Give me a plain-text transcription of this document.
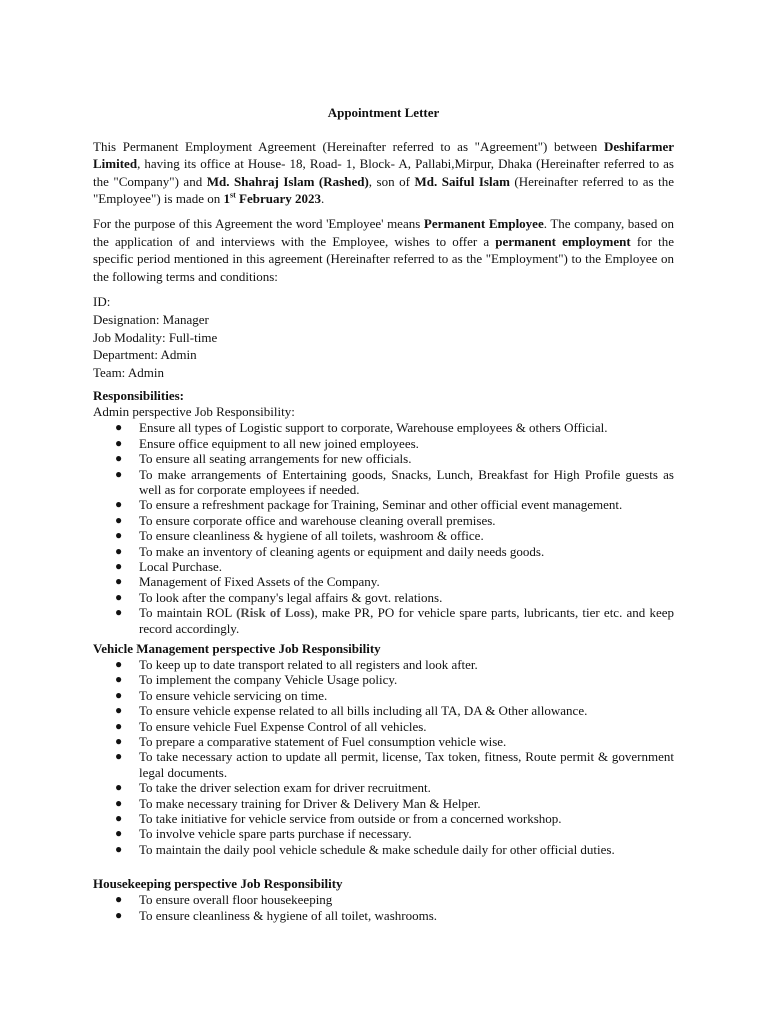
Appointment Letter

This Permanent Employment Agreement (Hereinafter referred to as "Agreement") between Deshifarmer Limited, having its office at House- 18, Road- 1, Block- A, Pallabi,Mirpur, Dhaka (Hereinafter referred to as the "Company") and Md. Shahraj Islam (Rashed), son of Md. Saiful Islam (Hereinafter referred to as the "Employee") is made on 1st February 2023.

For the purpose of this Agreement the word 'Employee' means Permanent Employee. The company, based on the application of and interviews with the Employee, wishes to offer a permanent employment for the specific period mentioned in this agreement (Hereinafter referred to as the "Employment") to the Employee on the following terms and conditions:

ID:
Designation: Manager
Job Modality: Full-time
Department: Admin
Team: Admin
Responsibilities:
Admin perspective Job Responsibility:
● Ensure all types of Logistic support to corporate, Warehouse employees & others Official.
● Ensure office equipment to all new joined employees.
● To ensure all seating arrangements for new officials.
● To make arrangements of Entertaining goods, Snacks, Lunch, Breakfast for High Profile guests as well as for corporate employees if needed.
● To ensure a refreshment package for Training, Seminar and other official event management.
● To ensure corporate office and warehouse cleaning overall premises.
● To ensure cleanliness & hygiene of all toilets, washroom & office.
● To make an inventory of cleaning agents or equipment and daily needs goods.
● Local Purchase.
● Management of Fixed Assets of the Company.
● To look after the company's legal affairs & govt. relations.
● To maintain ROL (Risk of Loss), make PR, PO for vehicle spare parts, lubricants, tier etc. and keep record accordingly.
Vehicle Management perspective Job Responsibility
● To keep up to date transport related to all registers and look after.
● To implement the company Vehicle Usage policy.
● To ensure vehicle servicing on time.
● To ensure vehicle expense related to all bills including all TA, DA & Other allowance.
● To ensure vehicle Fuel Expense Control of all vehicles.
● To prepare a comparative statement of Fuel consumption vehicle wise.
● To take necessary action to update all permit, license, Tax token, fitness, Route permit & government legal documents.
● To take the driver selection exam for driver recruitment.
● To make necessary training for Driver & Delivery Man & Helper.
● To take initiative for vehicle service from outside or from a concerned workshop.
● To involve vehicle spare parts purchase if necessary.
● To maintain the daily pool vehicle schedule & make schedule daily for other official duties.
Housekeeping perspective Job Responsibility
● To ensure overall floor housekeeping
● To ensure cleanliness & hygiene of all toilet, washrooms.
